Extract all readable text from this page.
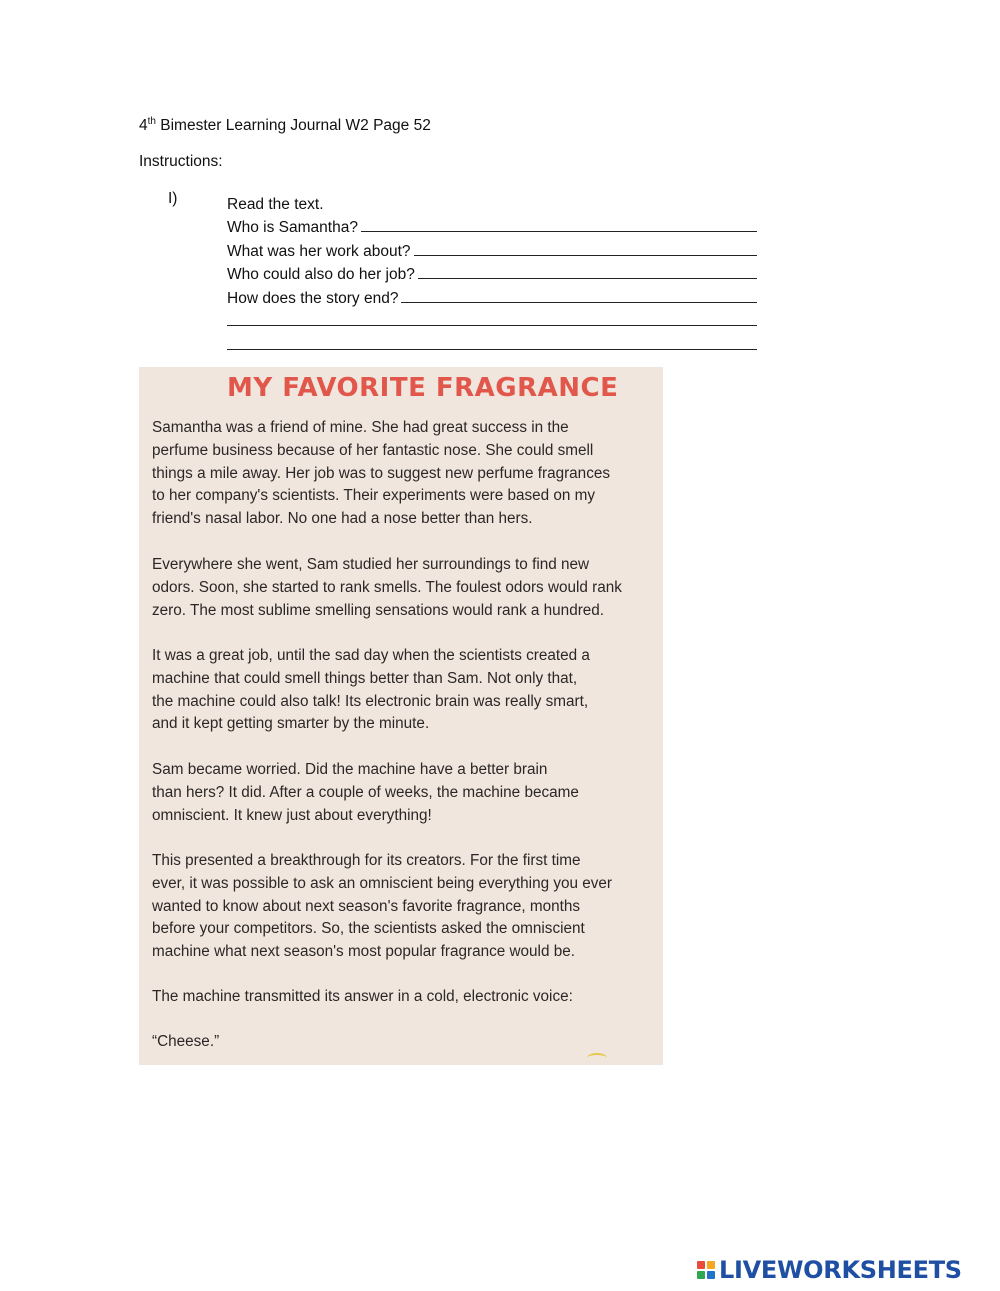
4th Bimester Learning Journal W2 Page 52
Instructions:
I)	Read the text.
Who is Samantha?
What was her work about?
Who could also do her job?
How does the story end?
MY FAVORITE FRAGRANCE
Samantha was a friend of mine. She had great success in the
perfume business because of her fantastic nose. She could smell
things a mile away. Her job was to suggest new perfume fragrances
to her company's scientists. Their experiments were based on my
friend's nasal labor. No one had a nose better than hers.
Everywhere she went, Sam studied her surroundings to find new
odors. Soon, she started to rank smells. The foulest odors would rank
zero. The most sublime smelling sensations would rank a hundred.
It was a great job, until the sad day when the scientists created a
machine that could smell things better than Sam. Not only that,
the machine could also talk! Its electronic brain was really smart,
and it kept getting smarter by the minute.
Sam became worried. Did the machine have a better brain
than hers? It did. After a couple of weeks, the machine became
omniscient. It knew just about everything!
This presented a breakthrough for its creators. For the first time
ever, it was possible to ask an omniscient being everything you ever
wanted to know about next season's favorite fragrance, months
before your competitors. So, the scientists asked the omniscient
machine what next season's most popular fragrance would be.
The machine transmitted its answer in a cold, electronic voice:
“Cheese.”
LIVEWORKSHEETS
